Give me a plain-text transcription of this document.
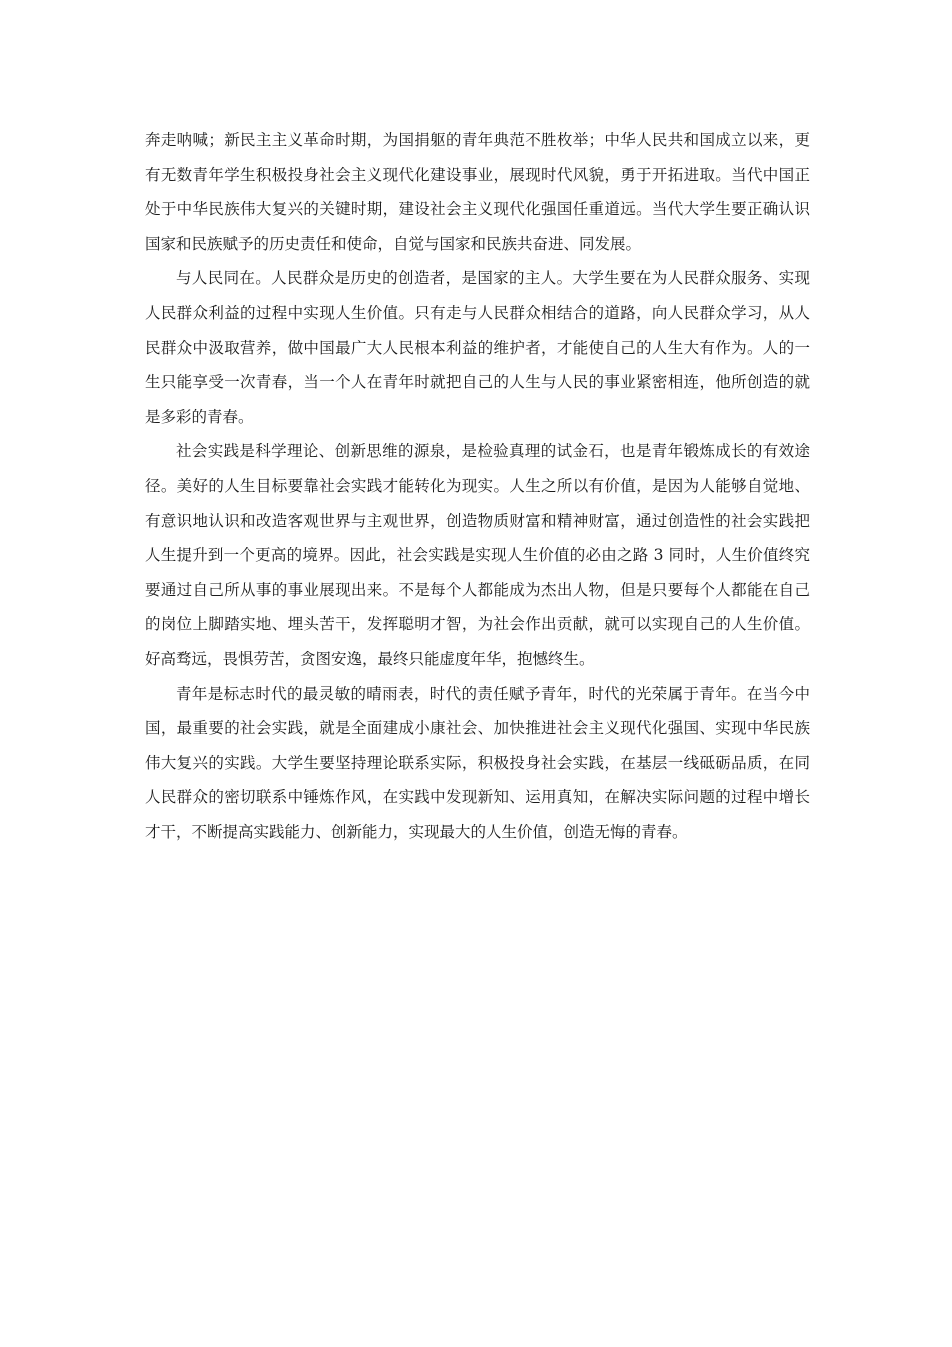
奔走呐喊；新民主主义革命时期，为国捐躯的青年典范不胜枚举；中华人民共和国成立以来，更有无数青年学生积极投身社会主义现代化建设事业，展现时代风貌，勇于开拓进取。当代中国正处于中华民族伟大复兴的关键时期，建设社会主义现代化强国任重道远。当代大学生要正确认识国家和民族赋予的历史责任和使命，自觉与国家和民族共奋进、同发展。

与人民同在。人民群众是历史的创造者，是国家的主人。大学生要在为人民群众服务、实现人民群众利益的过程中实现人生价值。只有走与人民群众相结合的道路，向人民群众学习，从人民群众中汲取营养，做中国最广大人民根本利益的维护者，才能使自己的人生大有作为。人的一生只能享受一次青春，当一个人在青年时就把自己的人生与人民的事业紧密相连，他所创造的就是多彩的青春。

社会实践是科学理论、创新思维的源泉，是检验真理的试金石，也是青年锻炼成长的有效途径。美好的人生目标要靠社会实践才能转化为现实。人生之所以有价值，是因为人能够自觉地、有意识地认识和改造客观世界与主观世界，创造物质财富和精神财富，通过创造性的社会实践把人生提升到一个更高的境界。因此，社会实践是实现人生价值的必由之路 3 同时，人生价值终究要通过自己所从事的事业展现出来。不是每个人都能成为杰出人物，但是只要每个人都能在自己的岗位上脚踏实地、埋头苦干，发挥聪明才智，为社会作出贡献，就可以实现自己的人生价值。好高骛远，畏惧劳苦，贪图安逸，最终只能虚度年华，抱憾终生。

青年是标志时代的最灵敏的晴雨表，时代的责任赋予青年，时代的光荣属于青年。在当今中国，最重要的社会实践，就是全面建成小康社会、加快推进社会主义现代化强国、实现中华民族伟大复兴的实践。大学生要坚持理论联系实际，积极投身社会实践，在基层一线砥砺品质，在同人民群众的密切联系中锤炼作风，在实践中发现新知、运用真知，在解决实际问题的过程中增长才干，不断提高实践能力、创新能力，实现最大的人生价值，创造无悔的青春。
